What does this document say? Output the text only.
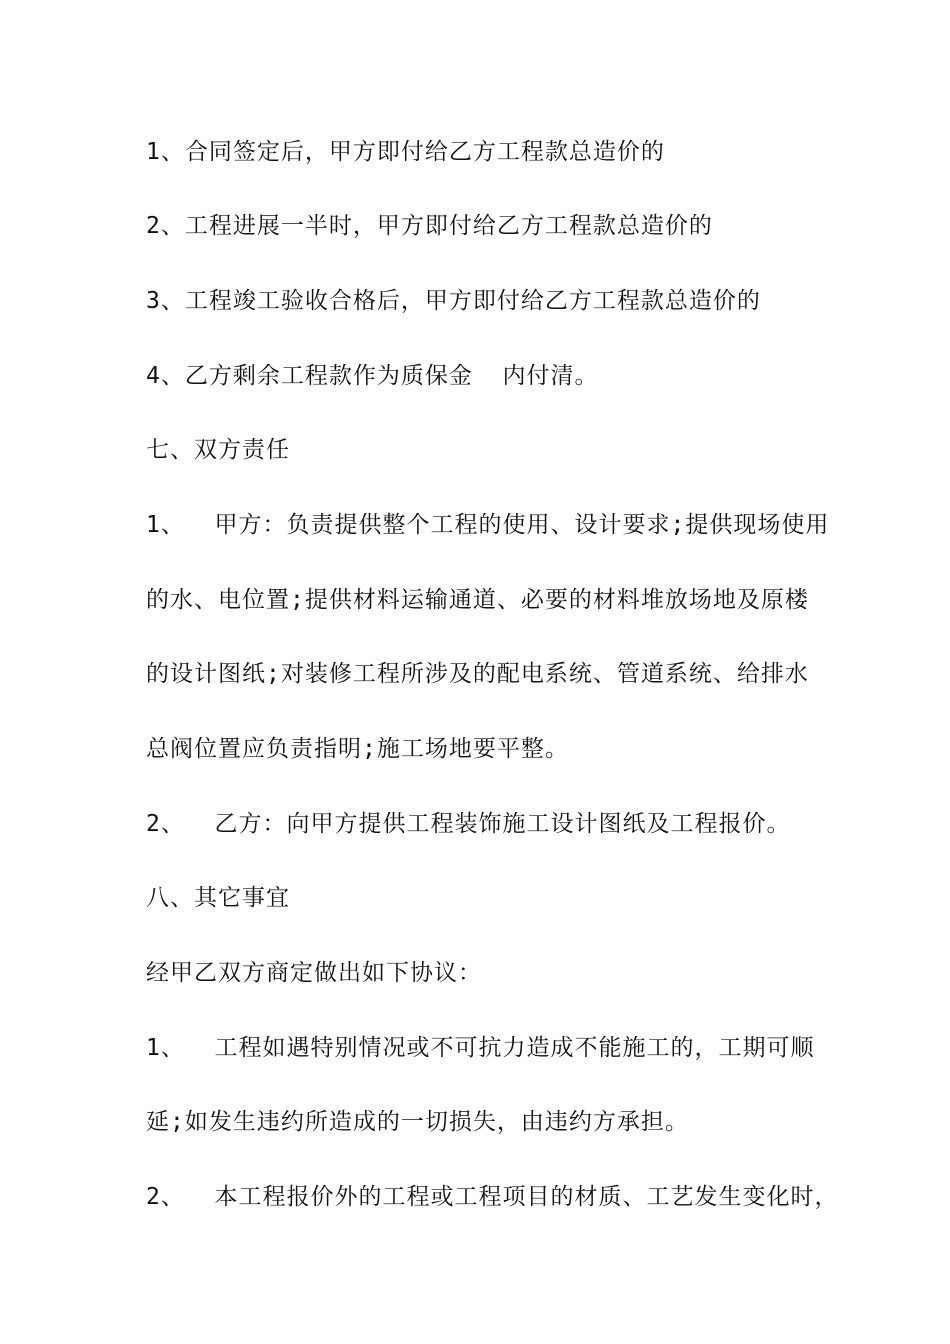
1、合同签定后，甲方即付给乙方工程款总造价的
2、工程进展一半时，甲方即付给乙方工程款总造价的
3、工程竣工验收合格后，甲方即付给乙方工程款总造价的
4、乙方剩余工程款作为质保金  内付清。
七、双方责任
1、  甲方：负责提供整个工程的使用、设计要求;提供现场使用
的水、电位置;提供材料运输通道、必要的材料堆放场地及原楼
的设计图纸;对装修工程所涉及的配电系统、管道系统、给排水
总阀位置应负责指明;施工场地要平整。
2、  乙方：向甲方提供工程装饰施工设计图纸及工程报价。
八、其它事宜
经甲乙双方商定做出如下协议：
1、  工程如遇特别情况或不可抗力造成不能施工的，工期可顺
延;如发生违约所造成的一切损失，由违约方承担。
2、  本工程报价外的工程或工程项目的材质、工艺发生变化时，
